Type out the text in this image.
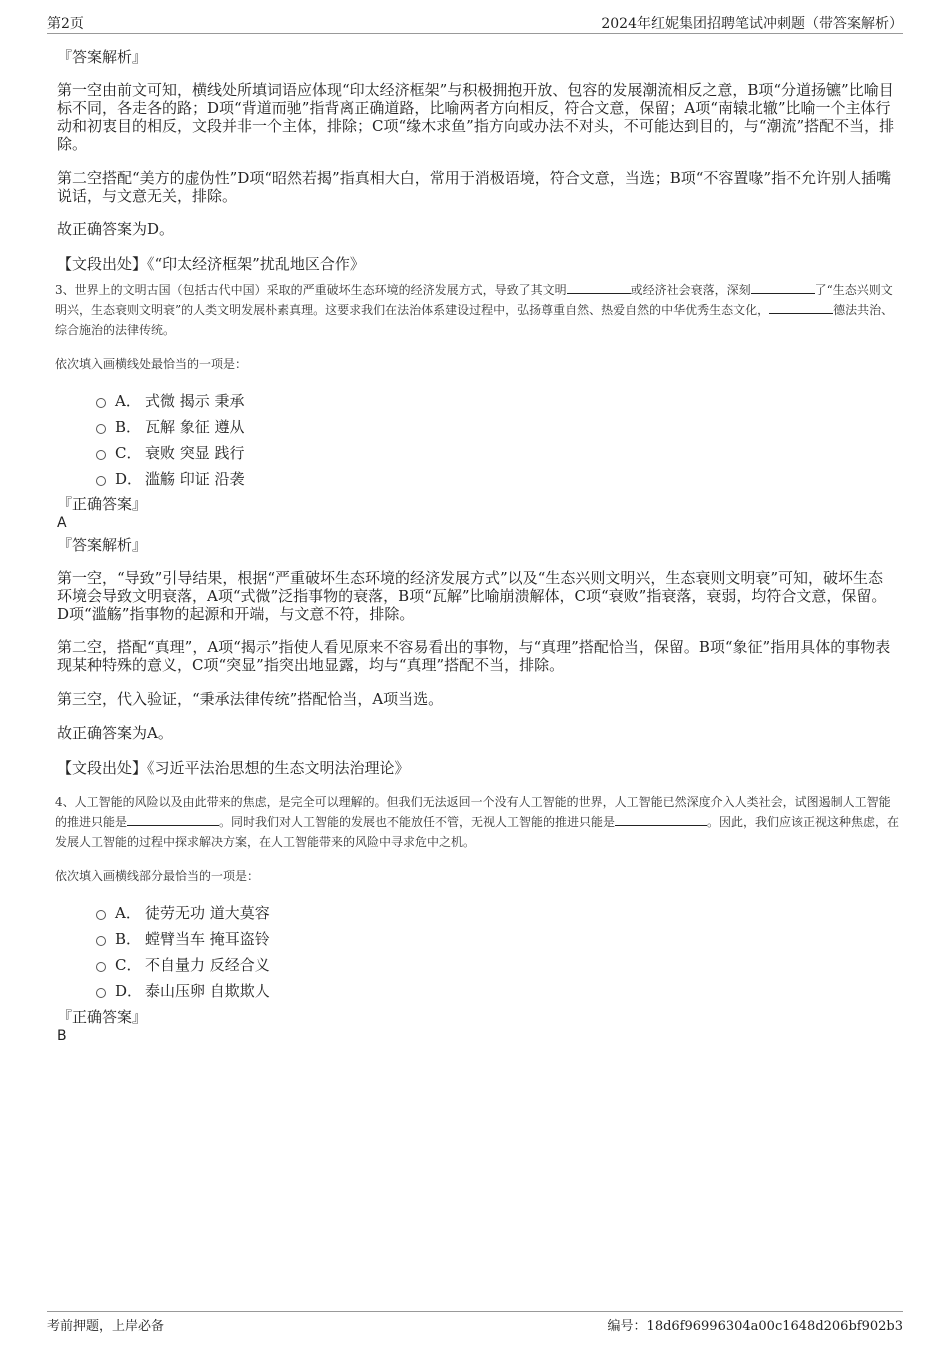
第2页	2024年红妮集团招聘笔试冲刺题（带答案解析）
『答案解析』
第一空由前文可知，横线处所填词语应体现“印太经济框架”与积极拥抱开放、包容的发展潮流相反之意，B项“分道扬镳”比喻目标不同，各走各的路；D项“背道而驰”指背离正确道路，比喻两者方向相反，符合文意，保留；A项“南辕北辙”比喻一个主体行动和初衷目的相反，文段并非一个主体，排除；C项“缘木求鱼”指方向或办法不对头，不可能达到目的，与“潮流”搭配不当，排除。
第二空搭配“美方的虚伪性”D项“昭然若揭”指真相大白，常用于消极语境，符合文意，当选；B项“不容置喙”指不允许别人插嘴说话，与文意无关，排除。
故正确答案为D。
【文段出处】《“印太经济框架”扰乱地区合作》
3、世界上的文明古国（包括古代中国）采取的严重破坏生态环境的经济发展方式，导致了其文明	或经济社会衰落，深刻	了“生态兴则文明兴，生态衰则文明衰”的人类文明发展朴素真理。这要求我们在法治体系建设过程中，弘扬尊重自然、热爱自然的中华优秀生态文化，	德法共治、综合施治的法律传统。
依次填入画横线处最恰当的一项是：
A． 式微 揭示 秉承
B． 瓦解 象征 遵从
C． 衰败 突显 践行
D． 滥觞 印证 沿袭
『正确答案』
A
『答案解析』
第一空，“导致”引导结果，根据“严重破坏生态环境的经济发展方式”以及“生态兴则文明兴，生态衰则文明衰”可知，破坏生态环境会导致文明衰落，A项“式微”泛指事物的衰落，B项“瓦解”比喻崩溃解体，C项“衰败”指衰落，衰弱，均符合文意，保留。D项“滥觞”指事物的起源和开端，与文意不符，排除。
第二空，搭配“真理”，A项“揭示”指使人看见原来不容易看出的事物，与“真理”搭配恰当，保留。B项“象征”指用具体的事物表现某种特殊的意义，C项“突显”指突出地显露，均与“真理”搭配不当，排除。
第三空，代入验证，“秉承法律传统”搭配恰当，A项当选。
故正确答案为A。
【文段出处】《习近平法治思想的生态文明法治理论》
4、人工智能的风险以及由此带来的焦虑，是完全可以理解的。但我们无法返回一个没有人工智能的世界，人工智能已然深度介入人类社会，试图遏制人工智能的推进只能是	。同时我们对人工智能的发展也不能放任不管，无视人工智能的推进只能是	。因此，我们应该正视这种焦虑，在发展人工智能的过程中探求解决方案，在人工智能带来的风险中寻求危中之机。
依次填入画横线部分最恰当的一项是：
A． 徒劳无功 道大莫容
B． 螳臂当车 掩耳盗铃
C． 不自量力 反经合义
D． 泰山压卵 自欺欺人
『正确答案』
B
考前押题，上岸必备	编号：18d6f96996304a00c1648d206bf902b3
